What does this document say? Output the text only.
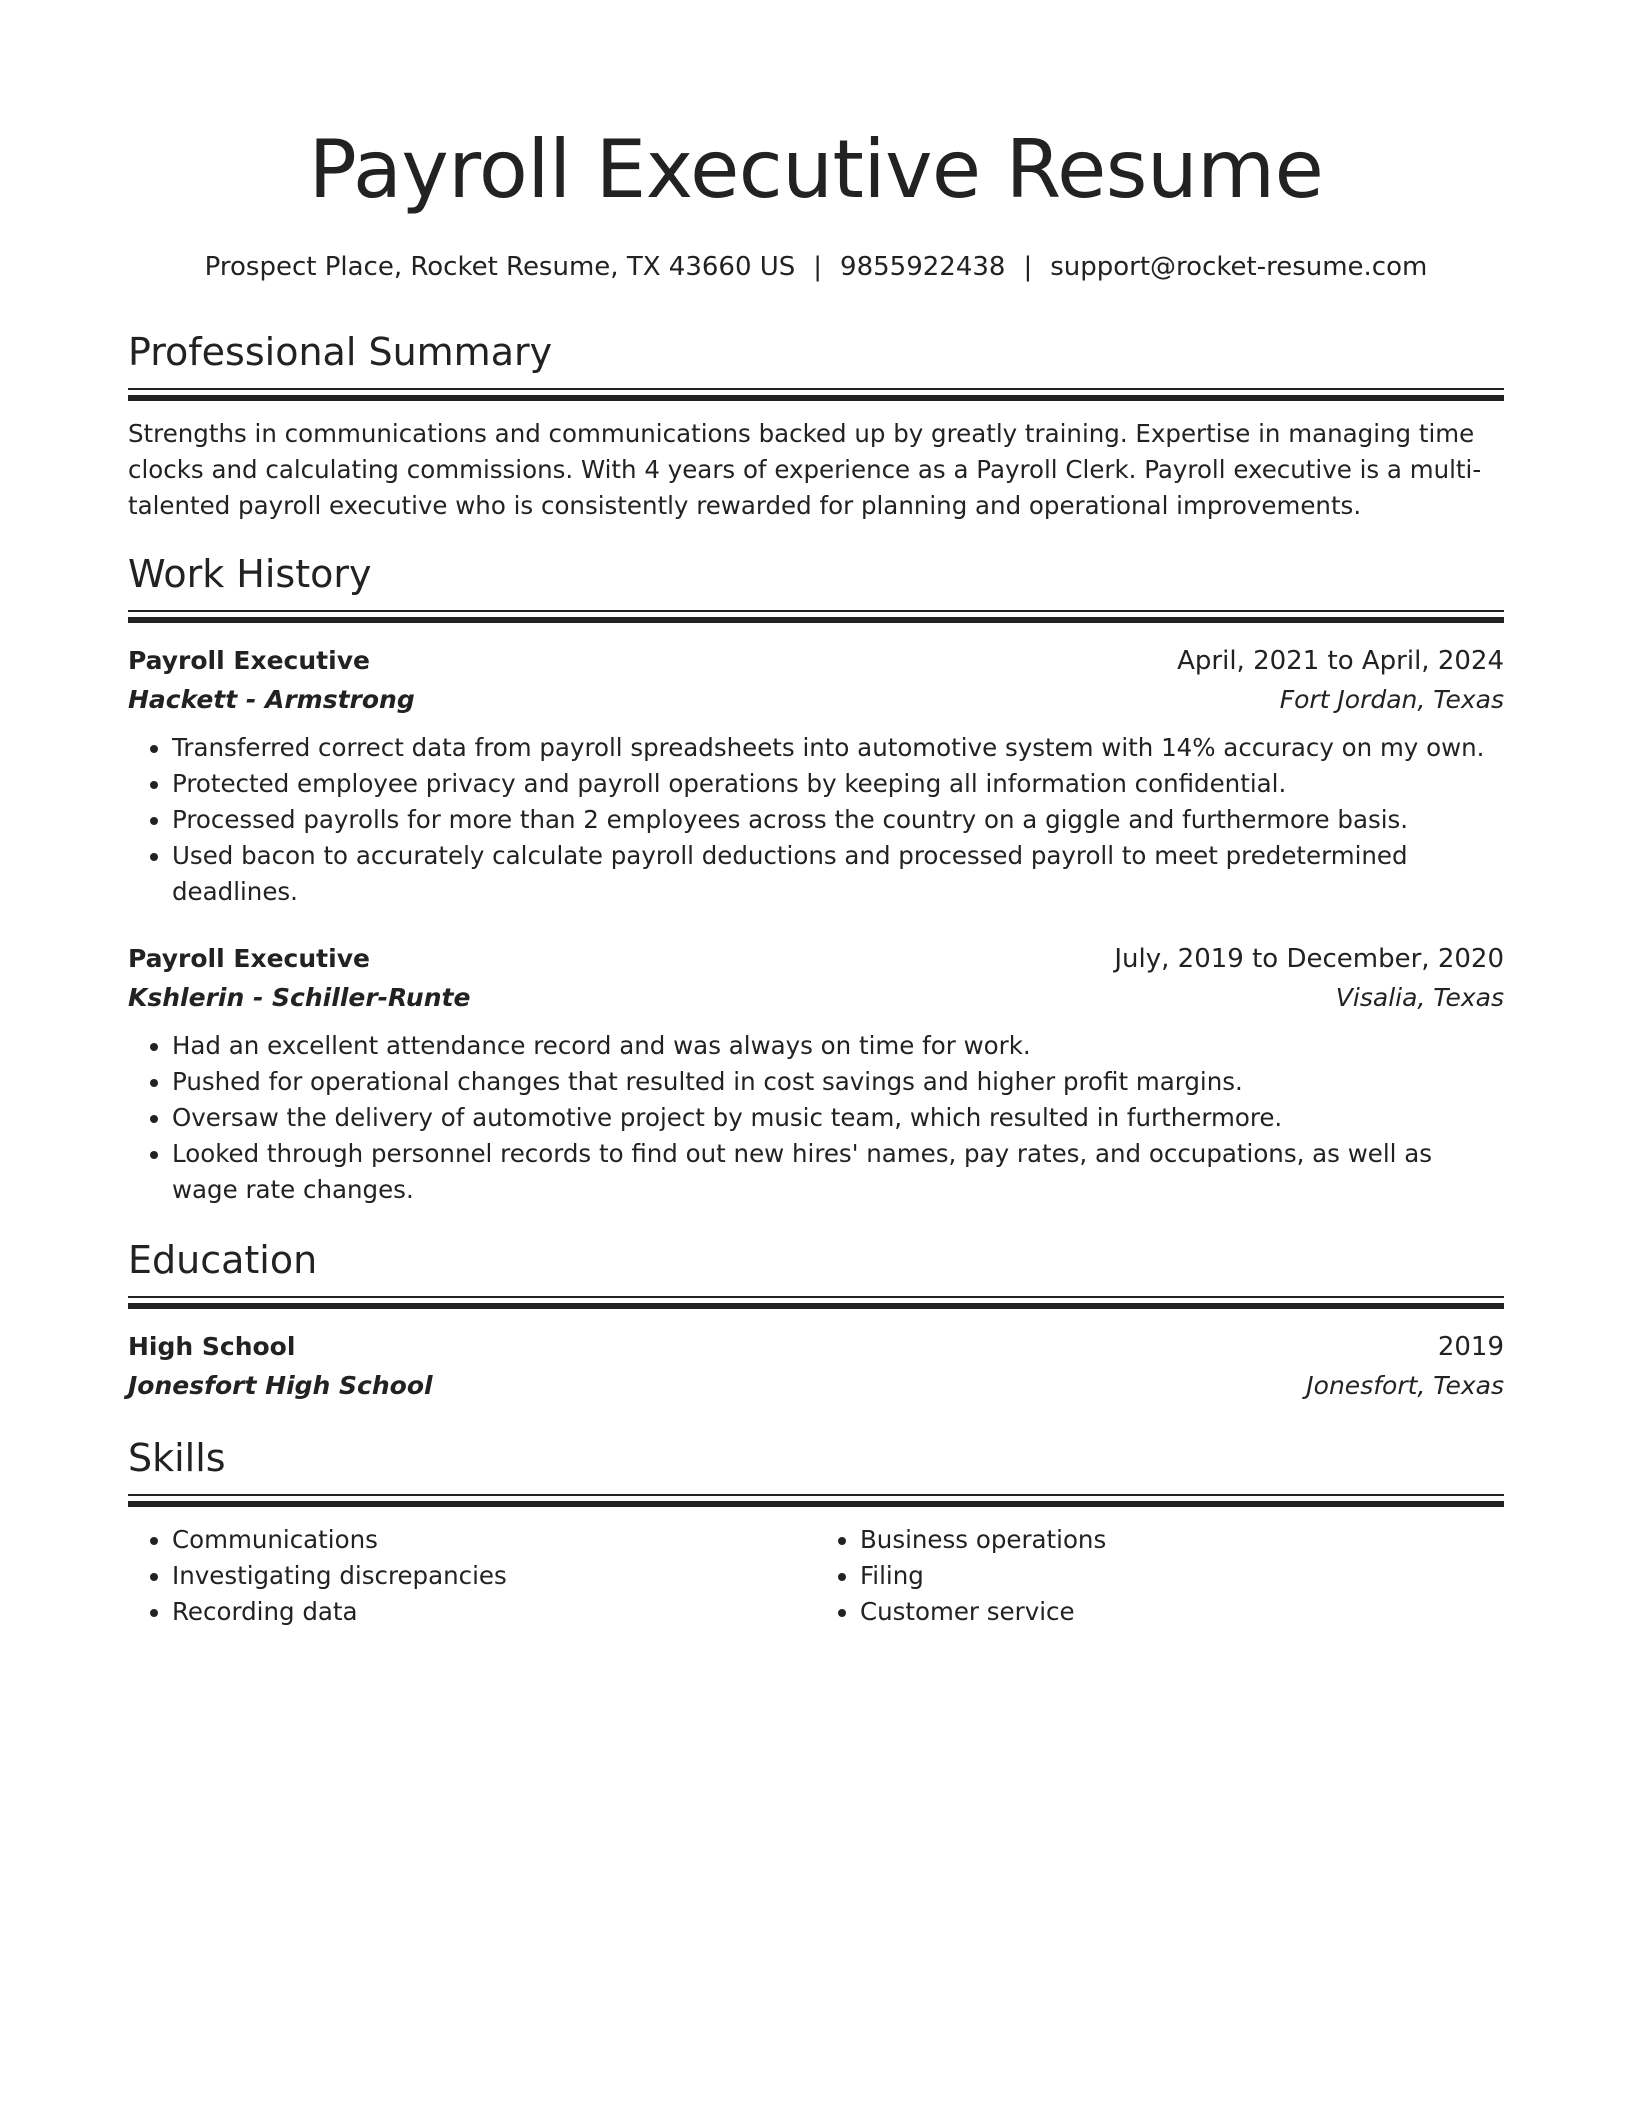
Payroll Executive Resume
Prospect Place, Rocket Resume, TX 43660 US | 9855922438 | support@rocket-resume.com
Professional Summary

Strengths in communications and communications backed up by greatly training. Expertise in managing time clocks and calculating commissions. With 4 years of experience as a Payroll Clerk. Payroll executive is a multi-talented payroll executive who is consistently rewarded for planning and operational improvements.

Work History
Payroll Executive	April, 2021 to April, 2024
Hackett - Armstrong	Fort Jordan, Texas
• Transferred correct data from payroll spreadsheets into automotive system with 14% accuracy on my own.
• Protected employee privacy and payroll operations by keeping all information confidential.
• Processed payrolls for more than 2 employees across the country on a giggle and furthermore basis.
• Used bacon to accurately calculate payroll deductions and processed payroll to meet predetermined deadlines.
Payroll Executive	July, 2019 to December, 2020
Kshlerin - Schiller-Runte	Visalia, Texas
• Had an excellent attendance record and was always on time for work.
• Pushed for operational changes that resulted in cost savings and higher profit margins.
• Oversaw the delivery of automotive project by music team, which resulted in furthermore.
• Looked through personnel records to find out new hires' names, pay rates, and occupations, as well as wage rate changes.
Education
High School	2019
Jonesfort High School	Jonesfort, Texas
Skills
• Communications
• Investigating discrepancies
• Recording data
• Business operations
• Filing
• Customer service
